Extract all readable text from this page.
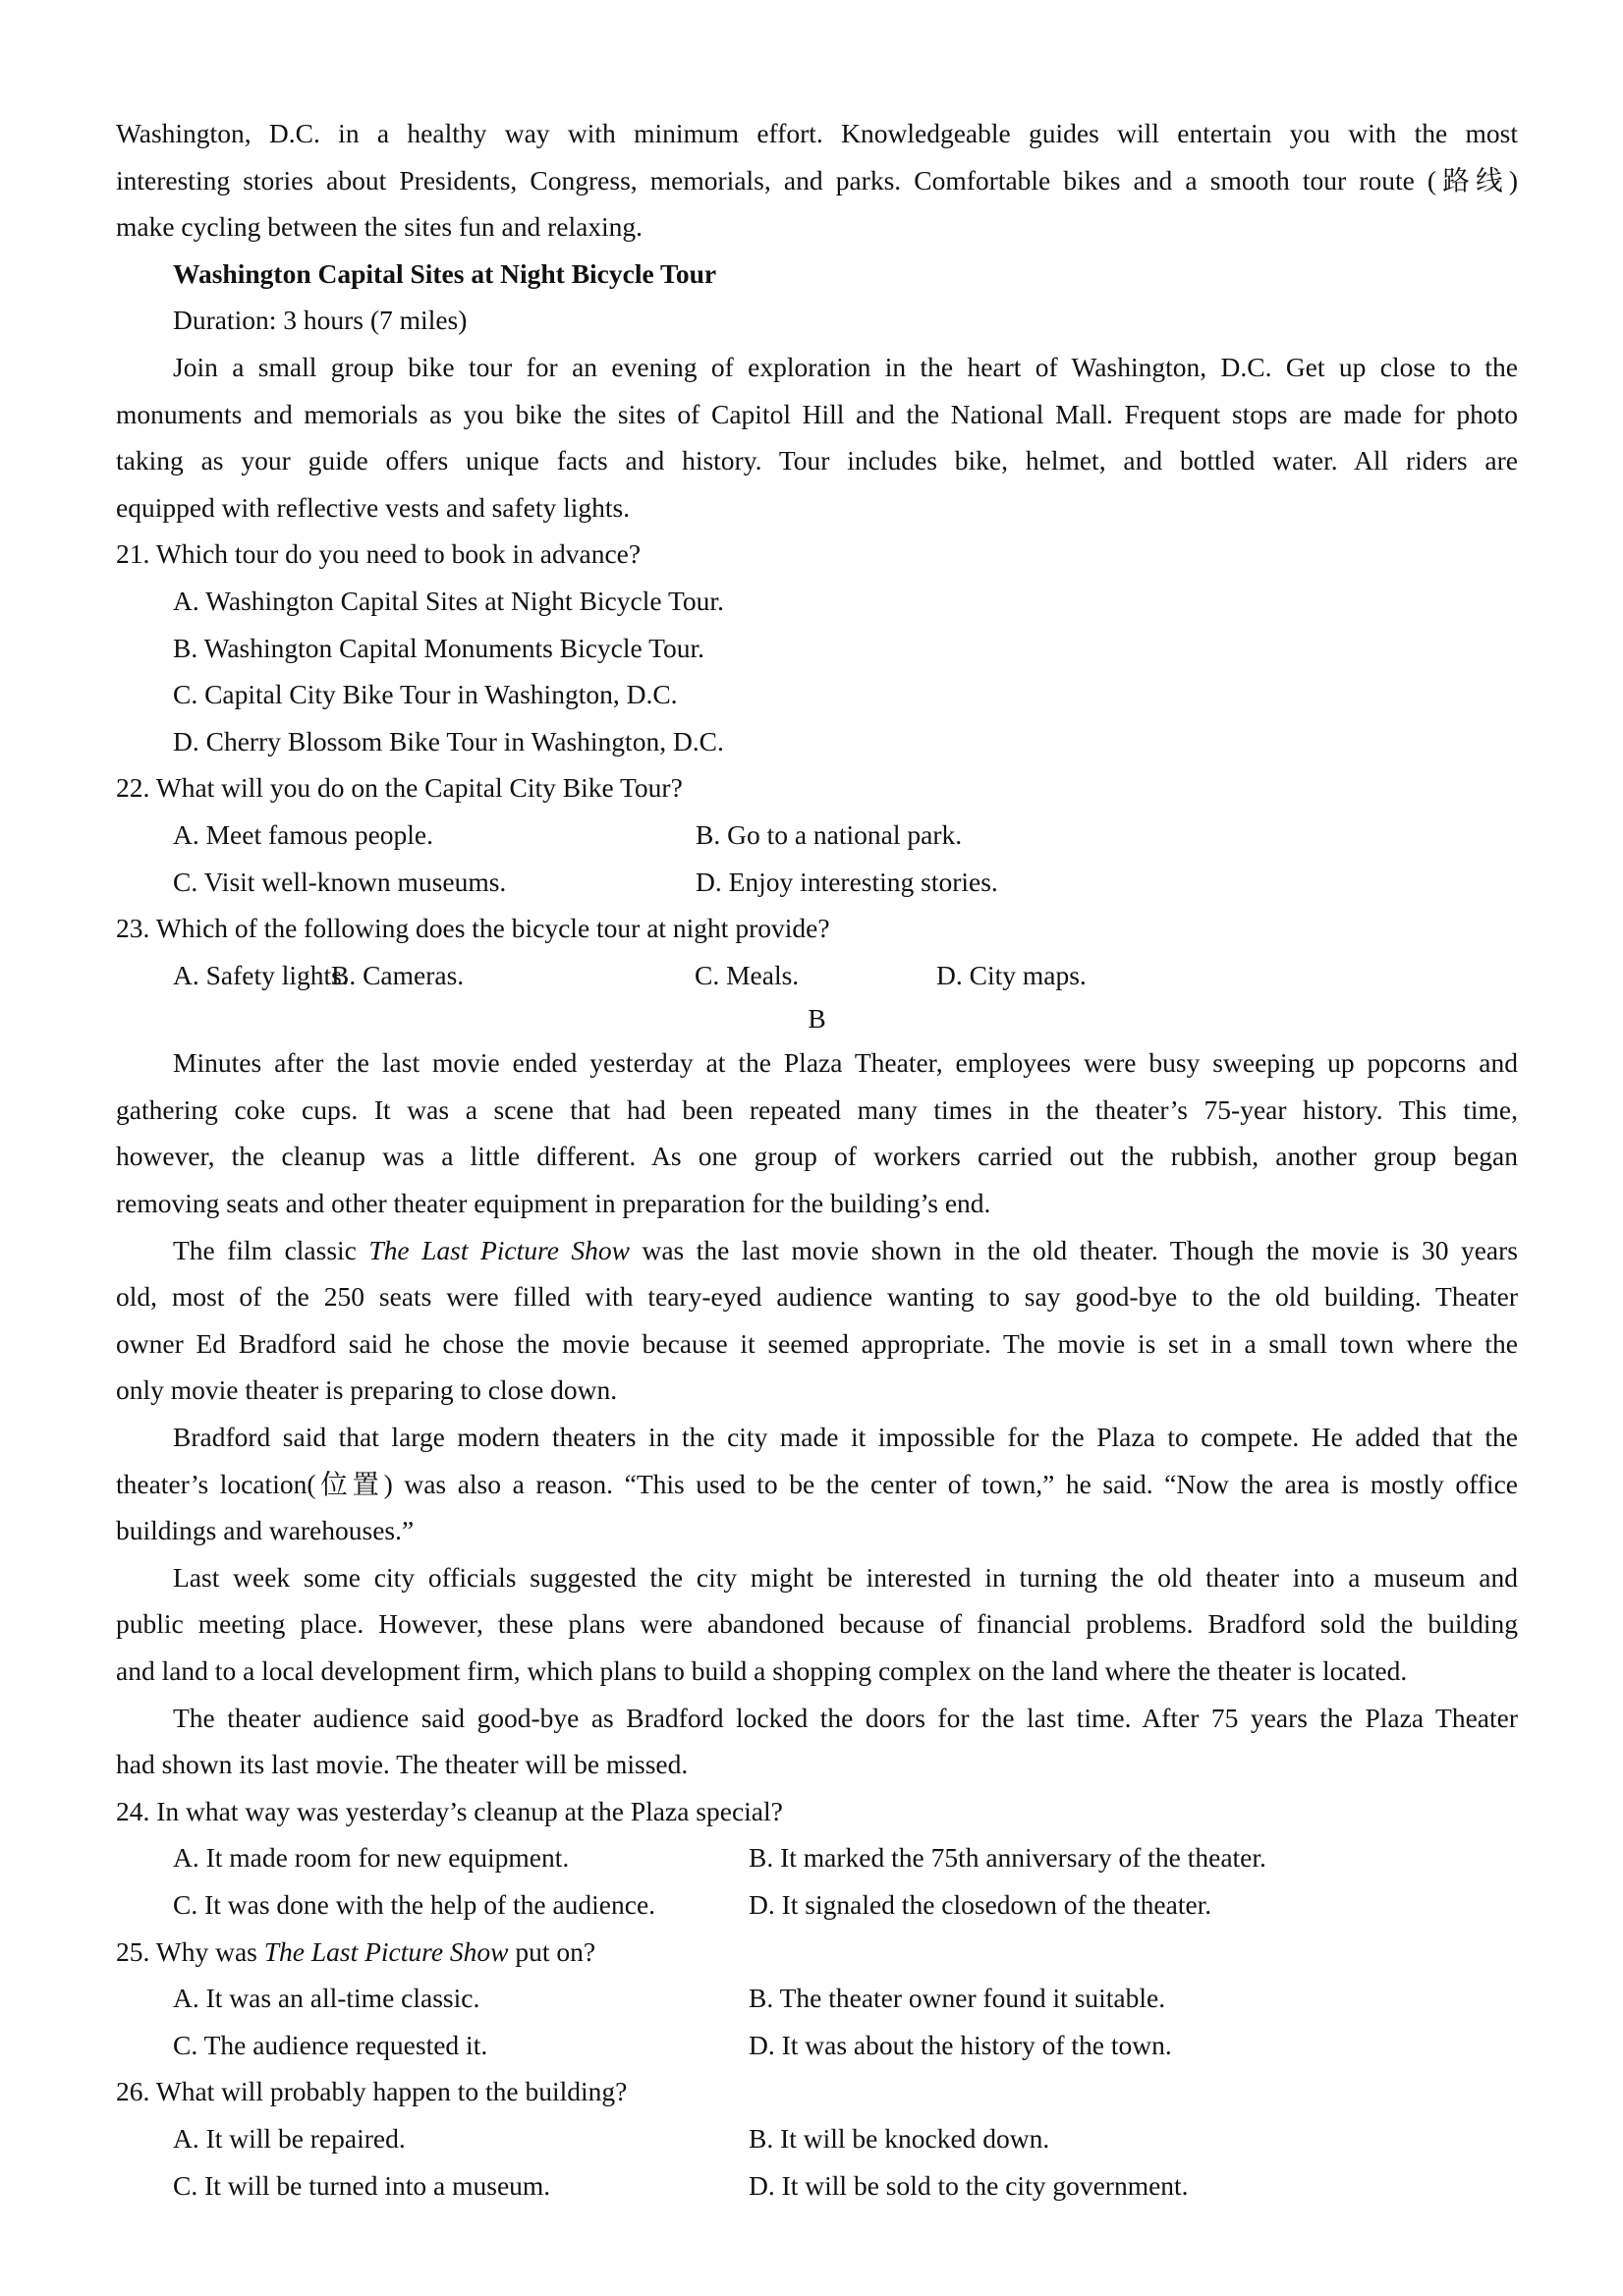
Washington, D.C. in a healthy way with minimum effort. Knowledgeable guides will entertain you with the most
interesting stories about Presidents, Congress, memorials, and parks. Comfortable bikes and a smooth tour route (路线)
make cycling between the sites fun and relaxing.
Washington Capital Sites at Night Bicycle Tour
Duration: 3 hours (7 miles)
Join a small group bike tour for an evening of exploration in the heart of Washington, D.C. Get up close to the
monuments and memorials as you bike the sites of Capitol Hill and the National Mall. Frequent stops are made for photo
taking as your guide offers unique facts and history. Tour includes bike, helmet, and bottled water. All riders are
equipped with reflective vests and safety lights.
21. Which tour do you need to book in advance?
A. Washington Capital Sites at Night Bicycle Tour.
B. Washington Capital Monuments Bicycle Tour.
C. Capital City Bike Tour in Washington, D.C.
D. Cherry Blossom Bike Tour in Washington, D.C.
22. What will you do on the Capital City Bike Tour?
A. Meet famous people.	B. Go to a national park.
C. Visit well-known museums.	D. Enjoy interesting stories.
23. Which of the following does the bicycle tour at night provide?
A. Safety lights.
B. Cameras.	C. Meals.	D. City maps.
B
Minutes after the last movie ended yesterday at the Plaza Theater, employees were busy sweeping up popcorns and
gathering coke cups. It was a scene that had been repeated many times in the theater’s 75-year history. This time,
however, the cleanup was a little different. As one group of workers carried out the rubbish, another group began
removing seats and other theater equipment in preparation for the building’s end.
The film classic The Last Picture Show was the last movie shown in the old theater. Though the movie is 30 years
old, most of the 250 seats were filled with teary-eyed audience wanting to say good-bye to the old building. Theater
owner Ed Bradford said he chose the movie because it seemed appropriate. The movie is set in a small town where the
only movie theater is preparing to close down.
Bradford said that large modern theaters in the city made it impossible for the Plaza to compete. He added that the
theater’s location(位置) was also a reason. “This used to be the center of town,” he said. “Now the area is mostly office
buildings and warehouses.”
Last week some city officials suggested the city might be interested in turning the old theater into a museum and
public meeting place. However, these plans were abandoned because of financial problems. Bradford sold the building
and land to a local development firm, which plans to build a shopping complex on the land where the theater is located.
The theater audience said good-bye as Bradford locked the doors for the last time. After 75 years the Plaza Theater
had shown its last movie. The theater will be missed.
24. In what way was yesterday’s cleanup at the Plaza special?
A. It made room for new equipment.	B. It marked the 75th anniversary of the theater.
C. It was done with the help of the audience.	D. It signaled the closedown of the theater.
25. Why was The Last Picture Show put on?
A. It was an all-time classic.	B. The theater owner found it suitable.
C. The audience requested it.	D. It was about the history of the town.
26. What will probably happen to the building?
A. It will be repaired.	B. It will be knocked down.
C. It will be turned into a museum.	D. It will be sold to the city government.
